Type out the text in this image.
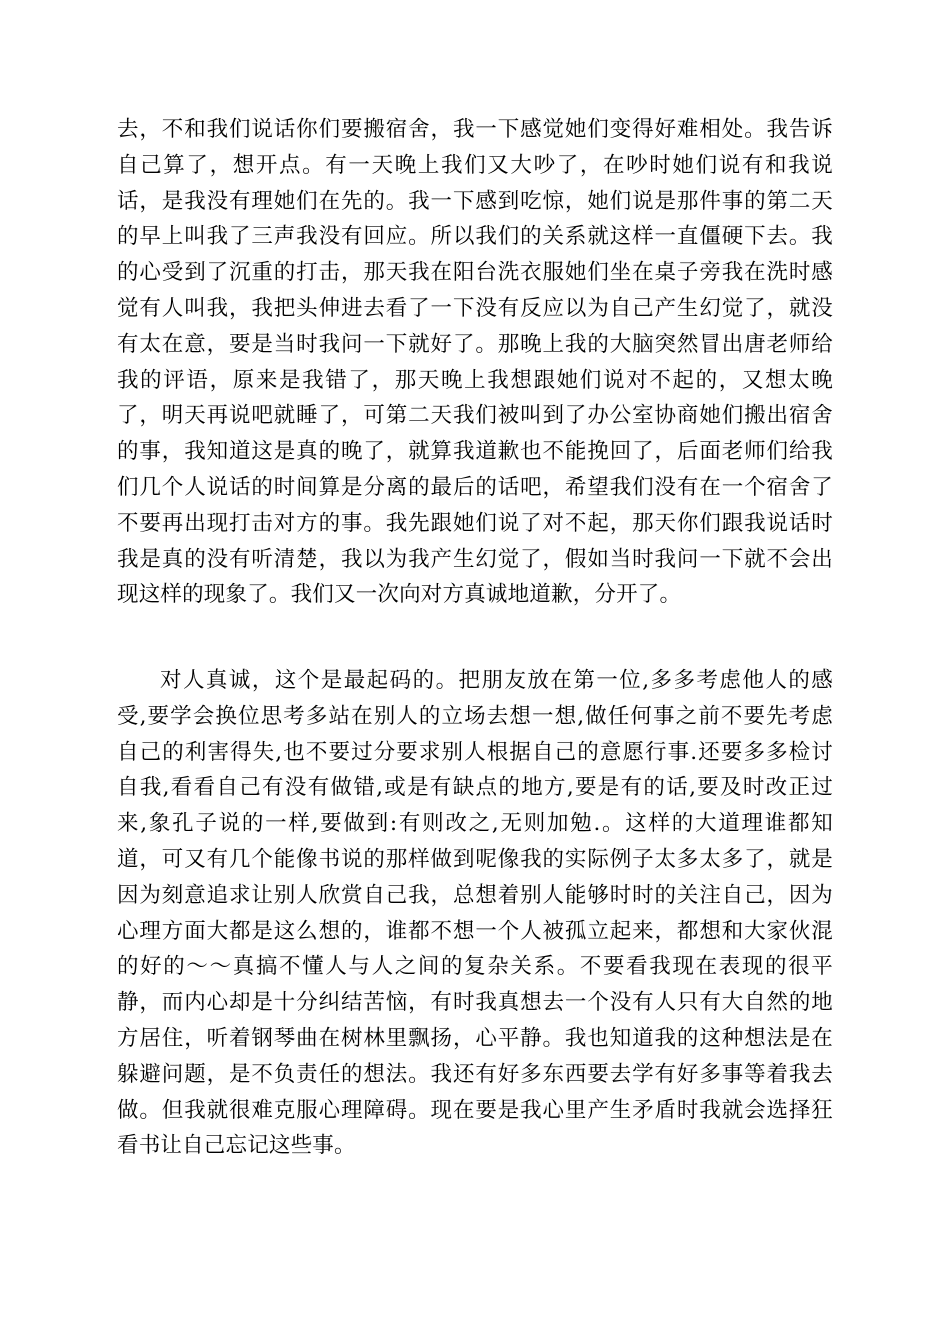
去，不和我们说话你们要搬宿舍，我一下感觉她们变得好难相处。我告诉
自己算了，想开点。有一天晚上我们又大吵了，在吵时她们说有和我说
话，是我没有理她们在先的。我一下感到吃惊，她们说是那件事的第二天
的早上叫我了三声我没有回应。所以我们的关系就这样一直僵硬下去。我
的心受到了沉重的打击，那天我在阳台洗衣服她们坐在桌子旁我在洗时感
觉有人叫我，我把头伸进去看了一下没有反应以为自己产生幻觉了，就没
有太在意，要是当时我问一下就好了。那晚上我的大脑突然冒出唐老师给
我的评语，原来是我错了，那天晚上我想跟她们说对不起的，又想太晚
了，明天再说吧就睡了，可第二天我们被叫到了办公室协商她们搬出宿舍
的事，我知道这是真的晚了，就算我道歉也不能挽回了，后面老师们给我
们几个人说话的时间算是分离的最后的话吧，希望我们没有在一个宿舍了
不要再出现打击对方的事。我先跟她们说了对不起，那天你们跟我说话时
我是真的没有听清楚，我以为我产生幻觉了，假如当时我问一下就不会出
现这样的现象了。我们又一次向对方真诚地道歉，分开了。
对人真诚，这个是最起码的。把朋友放在第一位,多多考虑他人的感
受,要学会换位思考多站在别人的立场去想一想,做任何事之前不要先考虑
自己的利害得失,也不要过分要求别人根据自己的意愿行事.还要多多检讨
自我,看看自己有没有做错,或是有缺点的地方,要是有的话,要及时改正过
来,象孔子说的一样,要做到:有则改之,无则加勉.。这样的大道理谁都知
道，可又有几个能像书说的那样做到呢像我的实际例子太多太多了，就是
因为刻意追求让别人欣赏自己我，总想着别人能够时时的关注自己，因为
心理方面大都是这么想的，谁都不想一个人被孤立起来，都想和大家伙混
的好的～～真搞不懂人与人之间的复杂关系。不要看我现在表现的很平
静，而内心却是十分纠结苦恼，有时我真想去一个没有人只有大自然的地
方居住，听着钢琴曲在树林里飘扬，心平静。我也知道我的这种想法是在
躲避问题，是不负责任的想法。我还有好多东西要去学有好多事等着我去
做。但我就很难克服心理障碍。现在要是我心里产生矛盾时我就会选择狂
看书让自己忘记这些事。
